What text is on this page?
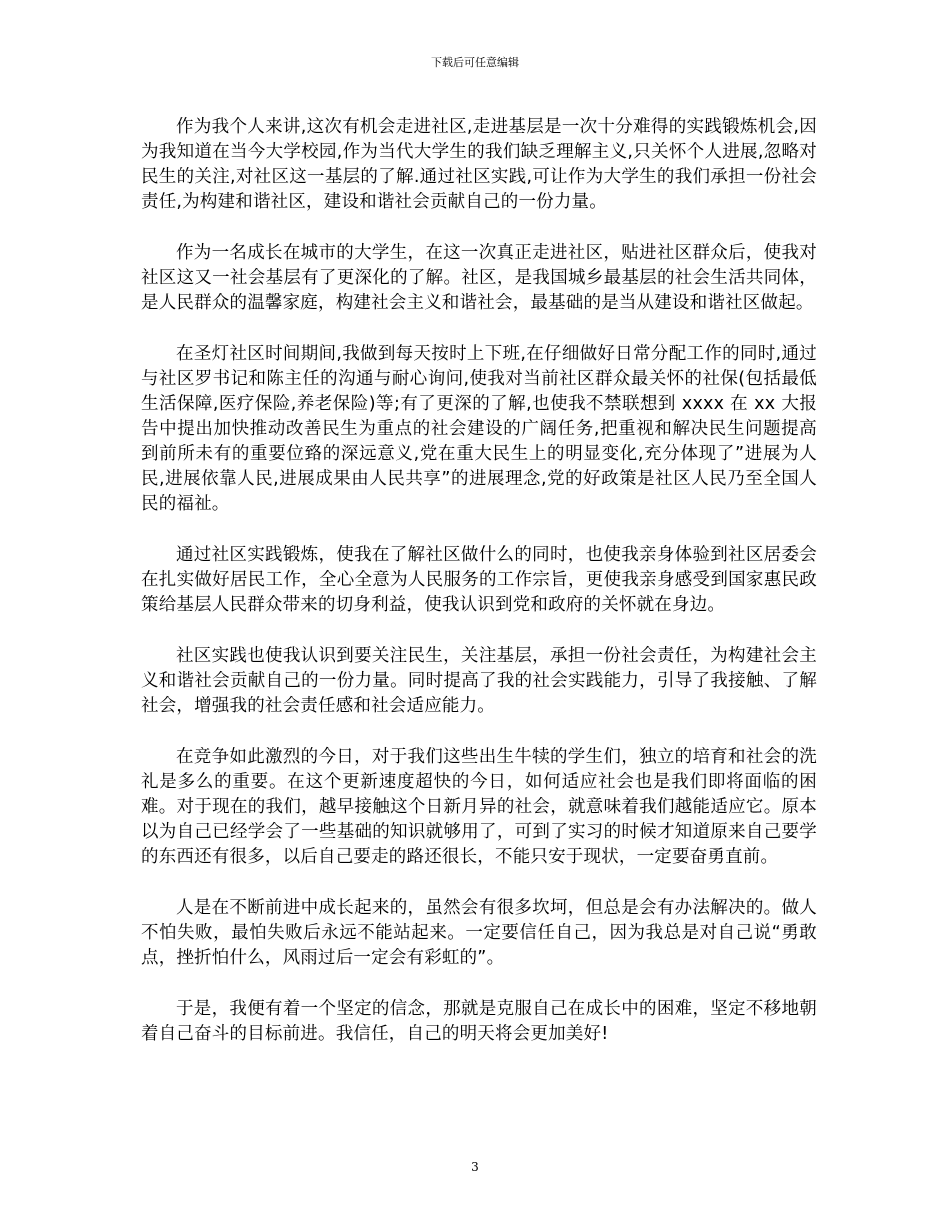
下载后可任意编辑

作为我个人来讲,这次有机会走进社区,走进基层是一次十分难得的实践锻炼机会,因为我知道在当今大学校园,作为当代大学生的我们缺乏理解主义,只关怀个人进展,忽略对民生的关注,对社区这一基层的了解.通过社区实践,可让作为大学生的我们承担一份社会责任,为构建和谐社区，建设和谐社会贡献自己的一份力量。

作为一名成长在城市的大学生，在这一次真正走进社区，贴进社区群众后，使我对社区这又一社会基层有了更深化的了解。社区，是我国城乡最基层的社会生活共同体，是人民群众的温馨家庭，构建社会主义和谐社会，最基础的是当从建设和谐社区做起。

在圣灯社区时间期间,我做到每天按时上下班,在仔细做好日常分配工作的同时,通过与社区罗书记和陈主任的沟通与耐心询问,使我对当前社区群众最关怀的社保(包括最低生活保障,医疗保险,养老保险)等;有了更深的了解,也使我不禁联想到 xxxx 在 xx 大报告中提出加快推动改善民生为重点的社会建设的广阔任务,把重视和解决民生问题提高到前所未有的重要位臵的深远意义,党在重大民生上的明显变化,充分体现了”进展为人民,进展依靠人民,进展成果由人民共享”的进展理念,党的好政策是社区人民乃至全国人民的福祉。

通过社区实践锻炼，使我在了解社区做什么的同时，也使我亲身体验到社区居委会在扎实做好居民工作，全心全意为人民服务的工作宗旨，更使我亲身感受到国家惠民政策给基层人民群众带来的切身利益，使我认识到党和政府的关怀就在身边。

社区实践也使我认识到要关注民生，关注基层，承担一份社会责任，为构建社会主义和谐社会贡献自己的一份力量。同时提高了我的社会实践能力，引导了我接触、了解社会，增强我的社会责任感和社会适应能力。

在竞争如此激烈的今日，对于我们这些出生牛犊的学生们，独立的培育和社会的洗礼是多么的重要。在这个更新速度超快的今日，如何适应社会也是我们即将面临的困难。对于现在的我们，越早接触这个日新月异的社会，就意味着我们越能适应它。原本以为自己已经学会了一些基础的知识就够用了，可到了实习的时候才知道原来自己要学的东西还有很多，以后自己要走的路还很长，不能只安于现状，一定要奋勇直前。

人是在不断前进中成长起来的，虽然会有很多坎坷，但总是会有办法解决的。做人不怕失败，最怕失败后永远不能站起来。一定要信任自己，因为我总是对自己说“勇敢点，挫折怕什么，风雨过后一定会有彩虹的”。

于是，我便有着一个坚定的信念，那就是克服自己在成长中的困难，坚定不移地朝着自己奋斗的目标前进。我信任，自己的明天将会更加美好!

3
